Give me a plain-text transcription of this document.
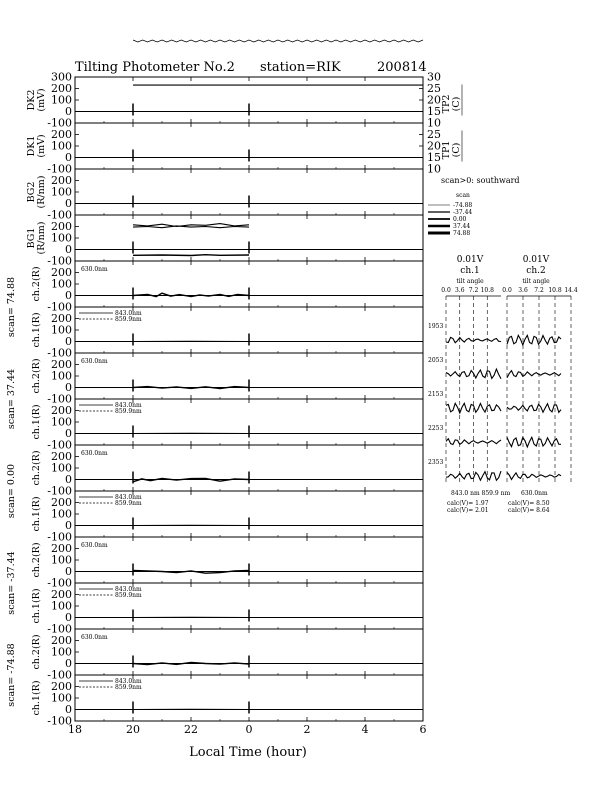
Tilting Photometer No.2 station=RIK	200814
-100
0
100
200
300
DK2(mV)
10
15
20
25
30
TP2(C)
-100
0
100
200
DK1(mV)
10
15
20
25
TP1(C)
-100
0
100
200
BG2(R/nm)
-100
0
100
200
BG1(R/nm)
-100
0
100
200
ch.2(R)
scan= 74.88
630.0nm
-100
0
100
200
ch.1(R)	843.0nm
859.9nm
-100
0
100
200
ch.2(R)
scan= 37.44
630.0nm
-100
0
100
200
ch.1(R)	843.0nm
859.9nm
-100
0
100
200
ch.2(R)
scan= 0.00
630.0nm
-100
0
100
200
ch.1(R)	843.0nm
859.9nm
-100
0
100
200
ch.2(R)
scan= -37.44
630.0nm
-100
0
100
200
ch.1(R)	843.0nm
859.9nm
-100
0
100
200
ch.2(R)
scan= -74.88
630.0nm
-100
0
100
200
ch.1(R)	843.0nm
859.9nm
18	20	22	0	2	4	6
Local Time (hour)
scan>0: southward
scan
-74.88
-37.44
0.00
37.44
74.88
0.01V
ch.1
tilt angle
0.0 3.6 7.2 10.8
0.01V
ch.2
tilt angle
0.0 3.6 7.2 10.8 14.4
1953
2053
2153
2253
2353
843.0 nm 859.9 nm 630.0nm
calc(V)= 1.97
calc(V)= 2.01
calc(V)= 8.50
calc(V)= 8.64
